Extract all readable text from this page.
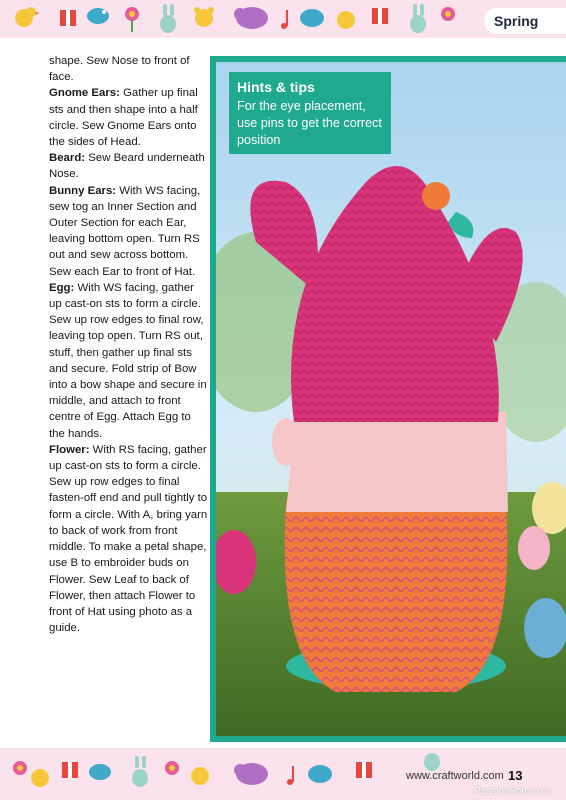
Spring

shape. Sew Nose to front of face.

Gnome Ears: Gather up final sts and then shape into a half circle. Sew Gnome Ears onto the sides of Head.

Beard: Sew Beard underneath Nose.

Bunny Ears: With WS facing, sew tog an Inner Section and Outer Section for each Ear, leaving bottom open. Turn RS out and sew across bottom. Sew each Ear to front of Hat.

Egg: With WS facing, gather up cast-on sts to form a circle. Sew up row edges to final row, leaving top open. Turn RS out, stuff, then gather up final sts and secure. Fold strip of Bow into a bow shape and secure in middle, and attach to front centre of Egg. Attach Egg to the hands.

Flower: With RS facing, gather up cast-on sts to form a circle. Sew up row edges to final fasten-off end and pull tightly to form a circle. With A, bring yarn to back of work from front middle. To make a petal shape, use B to embroider buds on Flower. Sew Leaf to back of Flower, then attach Flower to front of Hat using photo as a guide.

Hints & tips
For the eye placement, use pins to get the correct position
www.craftworld.com 13
PassionForum.ru
